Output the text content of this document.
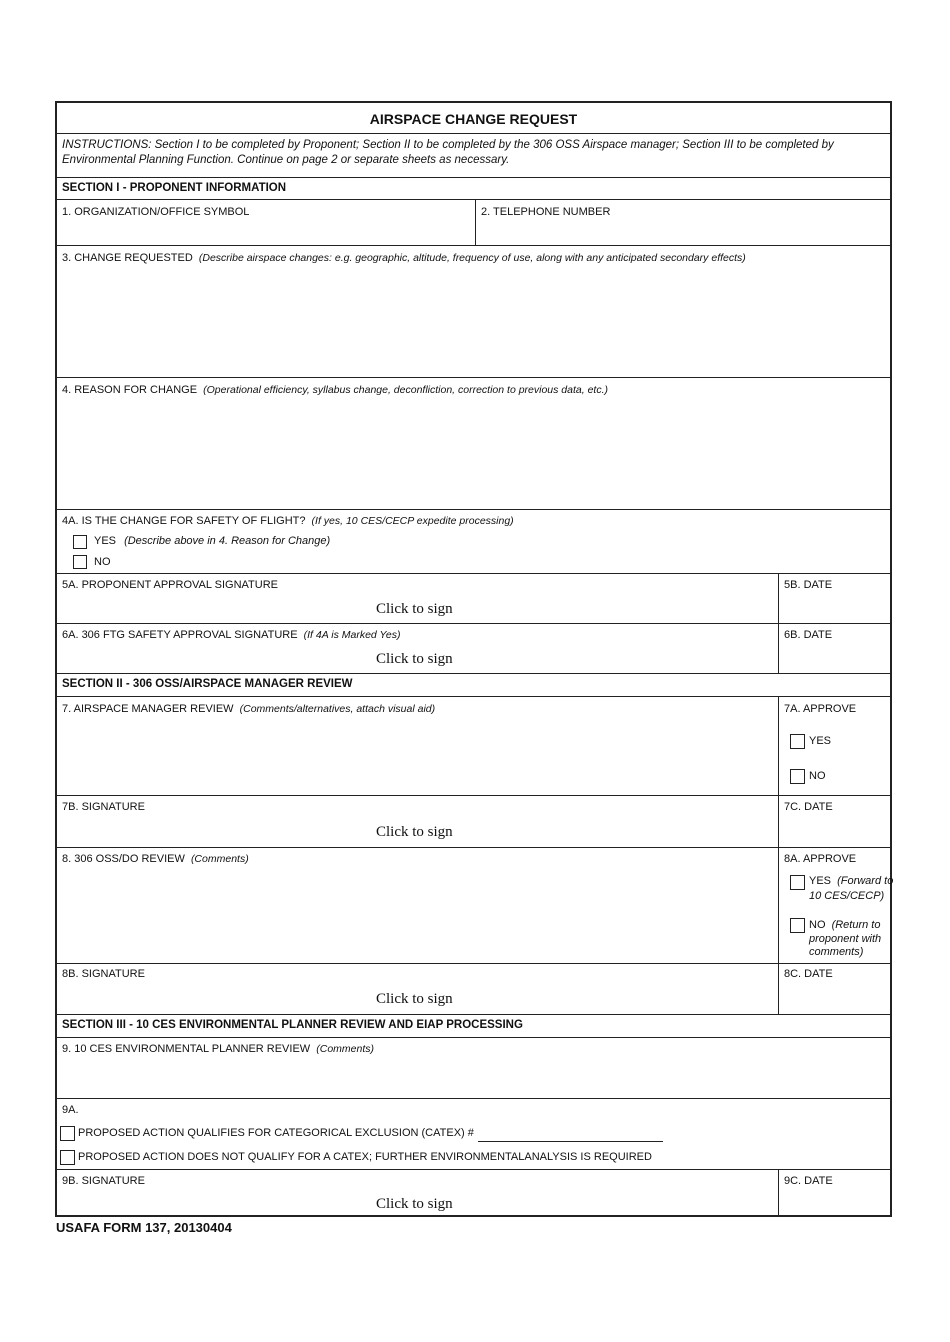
AIRSPACE CHANGE REQUEST
INSTRUCTIONS: Section I to be completed by Proponent; Section II to be completed by the 306 OSS Airspace manager; Section III to be completed by Environmental Planning Function. Continue on page 2 or separate sheets as necessary.
SECTION I - PROPONENT INFORMATION
1. ORGANIZATION/OFFICE SYMBOL	2. TELEPHONE NUMBER
3. CHANGE REQUESTED (Describe airspace changes: e.g. geographic, altitude, frequency of use, along with any anticipated secondary effects)
4. REASON FOR CHANGE (Operational efficiency, syllabus change, deconfliction, correction to previous data, etc.)
4A. IS THE CHANGE FOR SAFETY OF FLIGHT? (If yes, 10 CES/CECP expedite processing)
YES (Describe above in 4. Reason for Change)
NO
5A. PROPONENT APPROVAL SIGNATURE
Click to sign
5B. DATE
6A. 306 FTG SAFETY APPROVAL SIGNATURE (If 4A is Marked Yes)
Click to sign
6B. DATE
SECTION II - 306 OSS/AIRSPACE MANAGER REVIEW
7. AIRSPACE MANAGER REVIEW (Comments/alternatives, attach visual aid)	7A. APPROVE
YES
NO
7B. SIGNATURE
Click to sign
7C. DATE
8. 306 OSS/DO REVIEW (Comments)	8A. APPROVE
YES (Forward to
10 CES/CECP)
NO (Return to
proponent with
comments)
8B. SIGNATURE
Click to sign
8C. DATE
SECTION III - 10 CES ENVIRONMENTAL PLANNER REVIEW AND EIAP PROCESSING
9. 10 CES ENVIRONMENTAL PLANNER REVIEW (Comments)
9A.
PROPOSED ACTION QUALIFIES FOR CATEGORICAL EXCLUSION (CATEX) #
PROPOSED ACTION DOES NOT QUALIFY FOR A CATEX; FURTHER ENVIRONMENTALANALYSIS IS REQUIRED
9B. SIGNATURE
Click to sign
9C. DATE
USAFA FORM 137, 20130404
